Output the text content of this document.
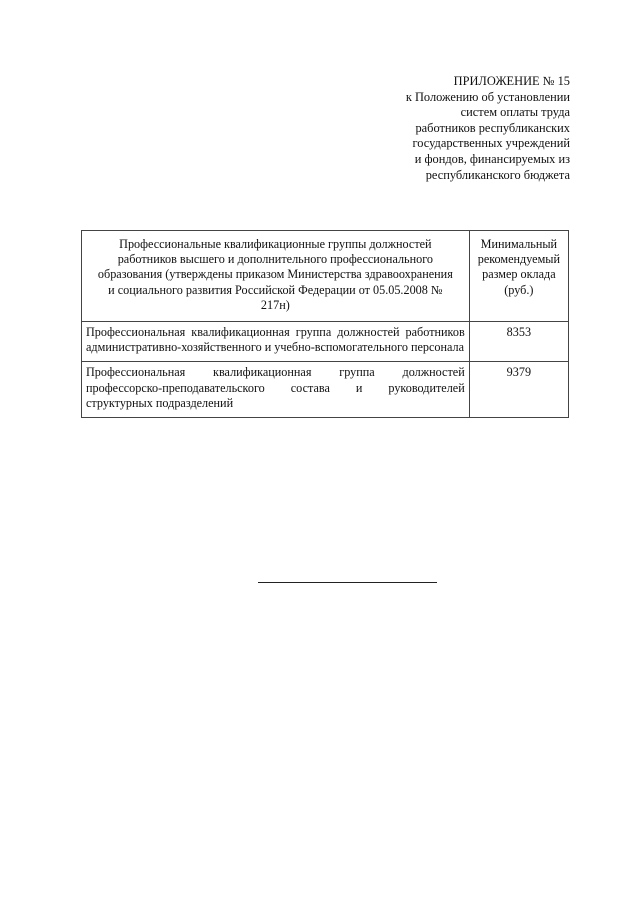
ПРИЛОЖЕНИЕ № 15
к Положению об установлении
систем оплаты труда
работников республиканских
государственных учреждений
и фондов, финансируемых из
республиканского бюджета
Профессиональные квалификационные группы должностей работников высшего и дополнительного профессионального образования (утверждены приказом Министерства здравоохранения и социального развития Российской Федерации от 05.05.2008 № 217н)	Минимальный рекомендуемый размер оклада (руб.)
Профессиональная квалификационная группа должностей работников административно-хозяйственного и учебно-вспомогательного персонала	8353
Профессиональная квалификационная группа должностей профессорско-преподавательского состава и руководителей структурных подразделений	9379
